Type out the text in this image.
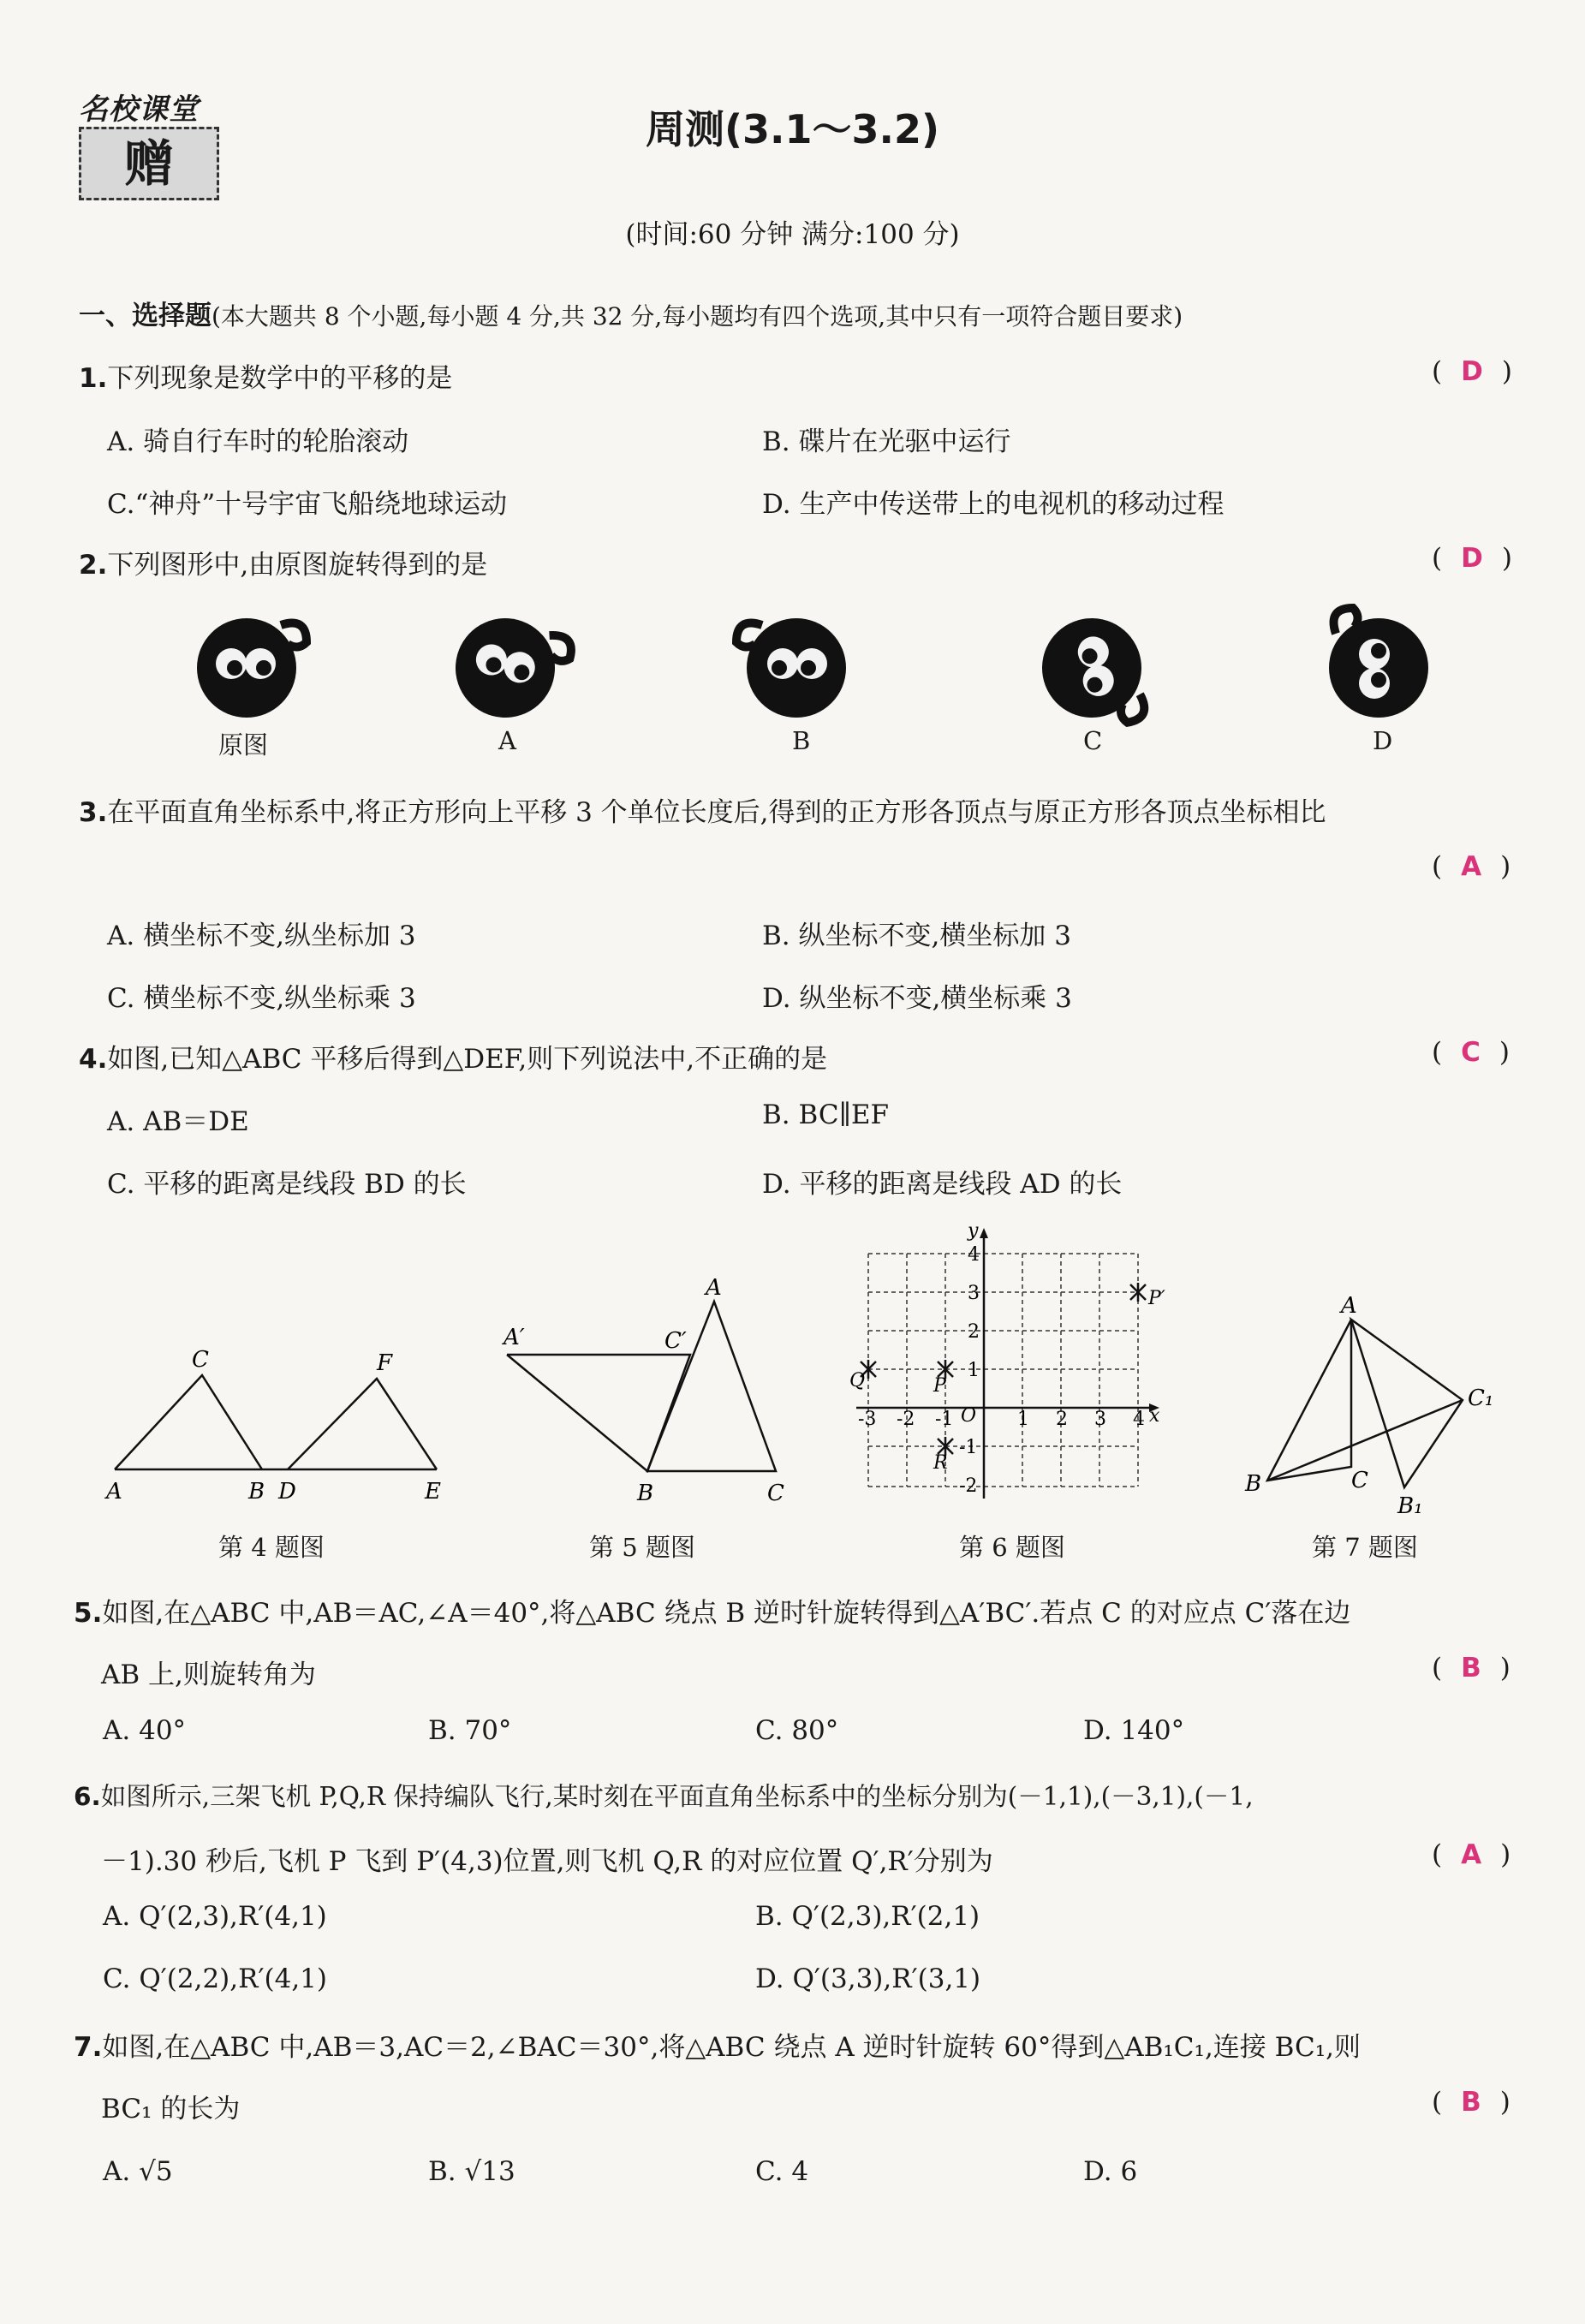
名校课堂
赠
周测(3.1～3.2)
(时间:60 分钟 满分:100 分)
一、选择题(本大题共 8 个小题,每小题 4 分,共 32 分,每小题均有四个选项,其中只有一项符合题目要求)
1.下列现象是数学中的平移的是	( D )
A. 骑自行车时的轮胎滚动	B. 碟片在光驱中运行
C.“神舟”十号宇宙飞船绕地球运动	D. 生产中传送带上的电视机的移动过程
2.下列图形中,由原图旋转得到的是	( D )
原图	A	B	C	D
3.在平面直角坐标系中,将正方形向上平移 3 个单位长度后,得到的正方形各顶点与原正方形各顶点坐标相比
( A )
A. 横坐标不变,纵坐标加 3	B. 纵坐标不变,横坐标加 3
C. 横坐标不变,纵坐标乘 3	D. 纵坐标不变,横坐标乘 3
4.如图,已知△ABC 平移后得到△DEF,则下列说法中,不正确的是	( C )
A. AB＝DE	B. BC∥EF
C. 平移的距离是线段 BD 的长	D. 平移的距离是线段 AD 的长
A	B
C
D	E
F
第 4 题图
A
B	C
A′	C′
第 5 题图
x
y
O
-3 -2 -1	1 2 3 4
4
3
2
1
-1
-2
P
Q
R
P′
第 6 题图
A
B	C
B₁
C₁
第 7 题图
5.如图,在△ABC 中,AB＝AC,∠A＝40°,将△ABC 绕点 B 逆时针旋转得到△A′BC′.若点 C 的对应点 C′落在边
AB 上,则旋转角为	( B )
A. 40°	B. 70°	C. 80°	D. 140°
6.如图所示,三架飞机 P,Q,R 保持编队飞行,某时刻在平面直角坐标系中的坐标分别为(－1,1),(－3,1),(－1,
－1).30 秒后,飞机 P 飞到 P′(4,3)位置,则飞机 Q,R 的对应位置 Q′,R′分别为	( A )
A. Q′(2,3),R′(4,1)	B. Q′(2,3),R′(2,1)
C. Q′(2,2),R′(4,1)	D. Q′(3,3),R′(3,1)
7.如图,在△ABC 中,AB＝3,AC＝2,∠BAC＝30°,将△ABC 绕点 A 逆时针旋转 60°得到△AB₁C₁,连接 BC₁,则
BC₁ 的长为	( B )
A. √5	B. √13	C. 4	D. 6
